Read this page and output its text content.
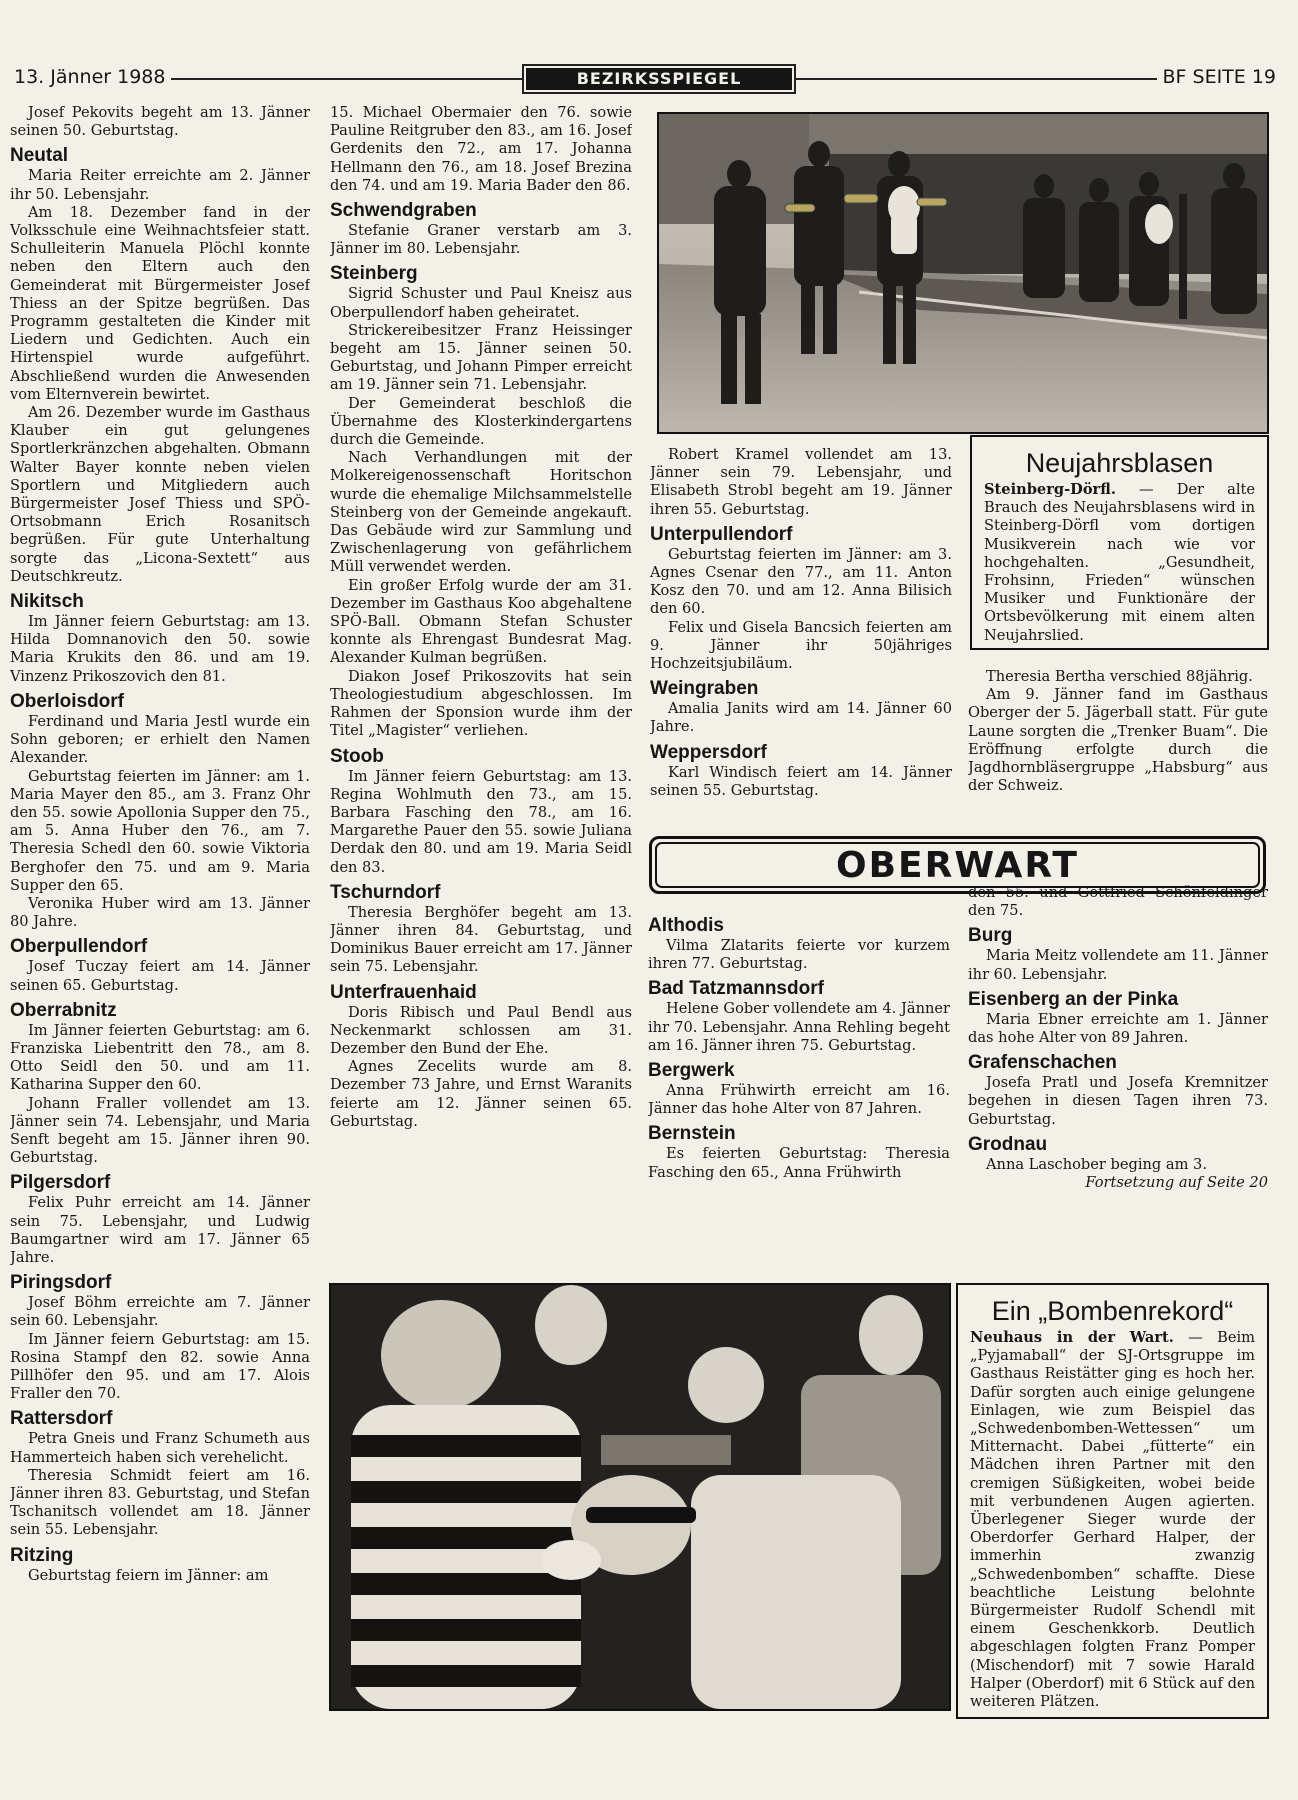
13. Jänner 1988	BEZIRKSSPIEGEL	BF SEITE 19

Josef Pekovits begeht am 13. Jänner seinen 50. Geburtstag.

Neutal

Maria Reiter erreichte am 2. Jänner ihr 50. Lebensjahr.

Am 18. Dezember fand in der Volksschule eine Weihnachtsfeier statt. Schulleiterin Manuela Plöchl konnte neben den Eltern auch den Gemeinderat mit Bürgermeister Josef Thiess an der Spitze begrüßen. Das Programm gestalteten die Kinder mit Liedern und Gedichten. Auch ein Hirtenspiel wurde aufgeführt. Abschließend wurden die Anwesenden vom Elternverein bewirtet.

Am 26. Dezember wurde im Gasthaus Klauber ein gut gelungenes Sportlerkränzchen abgehalten. Obmann Walter Bayer konnte neben vielen Sportlern und Mitgliedern auch Bürgermeister Josef Thiess und SPÖ-Ortsobmann Erich Rosanitsch begrüßen. Für gute Unterhaltung sorgte das „Licona-Sextett“ aus Deutschkreutz.

Nikitsch

Im Jänner feiern Geburtstag: am 13. Hilda Domnanovich den 50. sowie Maria Krukits den 86. und am 19. Vinzenz Prikoszovich den 81.

Oberloisdorf

Ferdinand und Maria Jestl wurde ein Sohn geboren; er erhielt den Namen Alexander.

Geburtstag feierten im Jänner: am 1. Maria Mayer den 85., am 3. Franz Ohr den 55. sowie Apollonia Supper den 75., am 5. Anna Huber den 76., am 7. Theresia Schedl den 60. sowie Viktoria Berghofer den 75. und am 9. Maria Supper den 65.

Veronika Huber wird am 13. Jänner 80 Jahre.

Oberpullendorf

Josef Tuczay feiert am 14. Jänner seinen 65. Geburtstag.

Oberrabnitz

Im Jänner feierten Geburtstag: am 6. Franziska Liebentritt den 78., am 8. Otto Seidl den 50. und am 11. Katharina Supper den 60.

Johann Fraller vollendet am 13. Jänner sein 74. Lebensjahr, und Maria Senft begeht am 15. Jänner ihren 90. Geburtstag.

Pilgersdorf

Felix Puhr erreicht am 14. Jänner sein 75. Lebensjahr, und Ludwig Baumgartner wird am 17. Jänner 65 Jahre.

Piringsdorf

Josef Böhm erreichte am 7. Jänner sein 60. Lebensjahr.

Im Jänner feiern Geburtstag: am 15. Rosina Stampf den 82. sowie Anna Pillhöfer den 95. und am 17. Alois Fraller den 70.

Rattersdorf

Petra Gneis und Franz Schumeth aus Hammerteich haben sich verehelicht.

Theresia Schmidt feiert am 16. Jänner ihren 83. Geburtstag, und Stefan Tschanitsch vollendet am 18. Jänner sein 55. Lebensjahr.

Ritzing

Geburtstag feiern im Jänner: am

15. Michael Obermaier den 76. sowie Pauline Reitgruber den 83., am 16. Josef Gerdenits den 72., am 17. Johanna Hellmann den 76., am 18. Josef Brezina den 74. und am 19. Maria Bader den 86.

Schwendgraben

Stefanie Graner verstarb am 3. Jänner im 80. Lebensjahr.

Steinberg

Sigrid Schuster und Paul Kneisz aus Oberpullendorf haben geheiratet.

Strickereibesitzer Franz Heissinger begeht am 15. Jänner seinen 50. Geburtstag, und Johann Pimper erreicht am 19. Jänner sein 71. Lebensjahr.

Der Gemeinderat beschloß die Übernahme des Klosterkindergartens durch die Gemeinde.

Nach Verhandlungen mit der Molkereigenossenschaft Horitschon wurde die ehemalige Milchsammelstelle Steinberg von der Gemeinde angekauft. Das Gebäude wird zur Sammlung und Zwischenlagerung von gefährlichem Müll verwendet werden.

Ein großer Erfolg wurde der am 31. Dezember im Gasthaus Koo abgehaltene SPÖ-Ball. Obmann Stefan Schuster konnte als Ehrengast Bundesrat Mag. Alexander Kulman begrüßen.

Diakon Josef Prikoszovits hat sein Theologiestudium abgeschlossen. Im Rahmen der Sponsion wurde ihm der Titel „Magister“ verliehen.

Stoob

Im Jänner feiern Geburtstag: am 13. Regina Wohlmuth den 73., am 15. Barbara Fasching den 78., am 16. Margarethe Pauer den 55. sowie Juliana Derdak den 80. und am 19. Maria Seidl den 83.

Tschurndorf

Theresia Berghöfer begeht am 13. Jänner ihren 84. Geburtstag, und Dominikus Bauer erreicht am 17. Jänner sein 75. Lebensjahr.

Unterfrauenhaid

Doris Ribisch und Paul Bendl aus Neckenmarkt schlossen am 31. Dezember den Bund der Ehe.

Agnes Zecelits wurde am 8. Dezember 73 Jahre, und Ernst Waranits feierte am 12. Jänner seinen 65. Geburtstag.

Robert Kramel vollendet am 13. Jänner sein 79. Lebensjahr, und Elisabeth Strobl begeht am 19. Jänner ihren 55. Geburtstag.

Unterpullendorf

Geburtstag feierten im Jänner: am 3. Agnes Csenar den 77., am 11. Anton Kosz den 70. und am 12. Anna Bilisich den 60.

Felix und Gisela Bancsich feierten am 9. Jänner ihr 50jähriges Hochzeitsjubiläum.

Weingraben

Amalia Janits wird am 14. Jänner 60 Jahre.

Weppersdorf

Karl Windisch feiert am 14. Jänner seinen 55. Geburtstag.

Neujahrsblasen

Steinberg-Dörfl. — Der alte Brauch des Neujahrsblasens wird in Steinberg-Dörfl vom dortigen Musikverein nach wie vor hochgehalten. „Gesundheit, Frohsinn, Frieden“ wünschen Musiker und Funktionäre der Ortsbevölkerung mit einem alten Neujahrslied.

Theresia Bertha verschied 88jährig.

Am 9. Jänner fand im Gasthaus Oberger der 5. Jägerball statt. Für gute Laune sorgten die „Trenker Buam“. Die Eröffnung erfolgte durch die Jagdhornbläsergruppe „Habsburg“ aus der Schweiz.

OBERWART
Althodis

Vilma Zlatarits feierte vor kurzem ihren 77. Geburtstag.

Bad Tatzmannsdorf

Helene Gober vollendete am 4. Jänner ihr 70. Lebensjahr. Anna Rehling begeht am 16. Jänner ihren 75. Geburtstag.

Bergwerk

Anna Frühwirth erreicht am 16. Jänner das hohe Alter von 87 Jahren.

Bernstein

Es feierten Geburtstag: Theresia Fasching den 65., Anna Frühwirth

den 55. und Gottfried Schönfeldinger den 75.

Burg

Maria Meitz vollendete am 11. Jänner ihr 60. Lebensjahr.

Eisenberg an der Pinka

Maria Ebner erreichte am 1. Jänner das hohe Alter von 89 Jahren.

Grafenschachen

Josefa Pratl und Josefa Kremnitzer begehen in diesen Tagen ihren 73. Geburtstag.

Grodnau

Anna Laschober beging am 3.

Fortsetzung auf Seite 20
Ein „Bombenrekord“

Neuhaus in der Wart. — Beim „Pyjamaball“ der SJ-Ortsgruppe im Gasthaus Reistätter ging es hoch her. Dafür sorgten auch einige gelungene Einlagen, wie zum Beispiel das „Schwedenbomben-Wettessen“ um Mitternacht. Dabei „fütterte“ ein Mädchen ihren Partner mit den cremigen Süßigkeiten, wobei beide mit verbundenen Augen agierten. Überlegener Sieger wurde der Oberdorfer Gerhard Halper, der immerhin zwanzig „Schwedenbomben“ schaffte. Diese beachtliche Leistung belohnte Bürgermeister Rudolf Schendl mit einem Geschenkkorb. Deutlich abgeschlagen folgten Franz Pomper (Mischendorf) mit 7 sowie Harald Halper (Oberdorf) mit 6 Stück auf den weiteren Plätzen.
